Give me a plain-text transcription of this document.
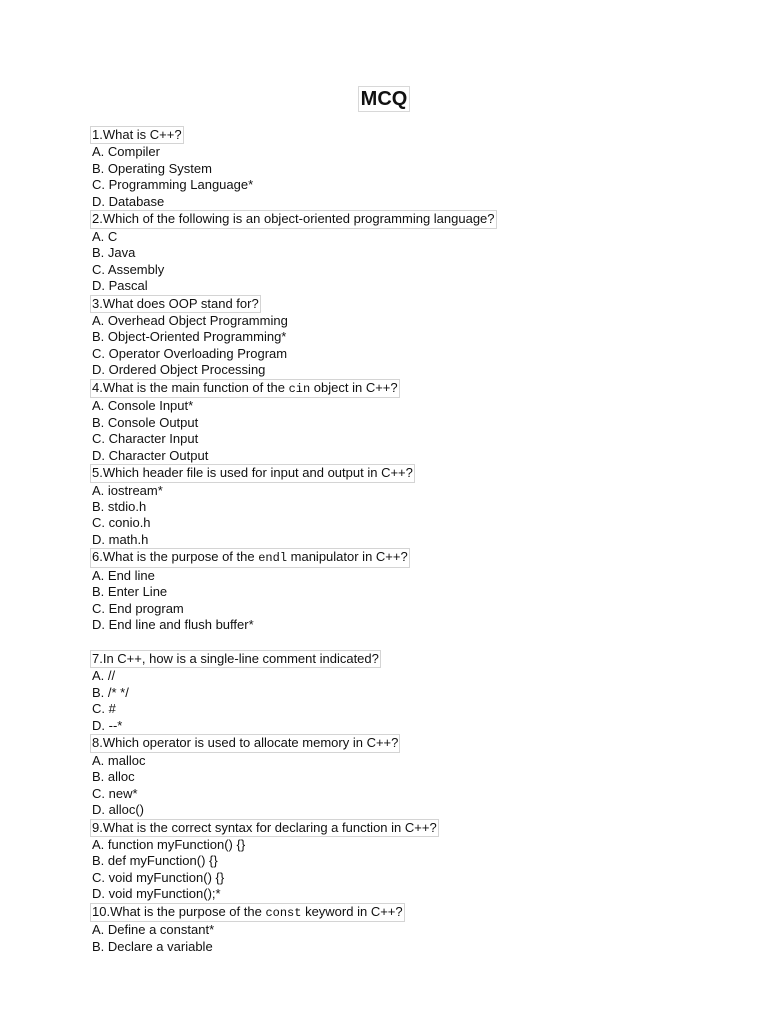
MCQ
1.What is C++?
A. Compiler
B. Operating System
C. Programming Language*
D. Database
2.Which of the following is an object-oriented programming language?
A. C
B. Java
C. Assembly
D. Pascal
3.What does OOP stand for?
A. Overhead Object Programming
B. Object-Oriented Programming*
C. Operator Overloading Program
D. Ordered Object Processing
4.What is the main function of the cin object in C++?
A. Console Input*
B. Console Output
C. Character Input
D. Character Output
5.Which header file is used for input and output in C++?
A. iostream*
B. stdio.h
C. conio.h
D. math.h
6.What is the purpose of the endl manipulator in C++?
A. End line
B. Enter Line
C. End program
D. End line and flush buffer*
7.In C++, how is a single-line comment indicated?
A. //
B. /* */
C. #
D. --*
8.Which operator is used to allocate memory in C++?
A. malloc
B. alloc
C. new*
D. alloc()
9.What is the correct syntax for declaring a function in C++?
A. function myFunction() {}
B. def myFunction() {}
C. void myFunction() {}
D. void myFunction();*
10.What is the purpose of the const keyword in C++?
A. Define a constant*
B. Declare a variable
